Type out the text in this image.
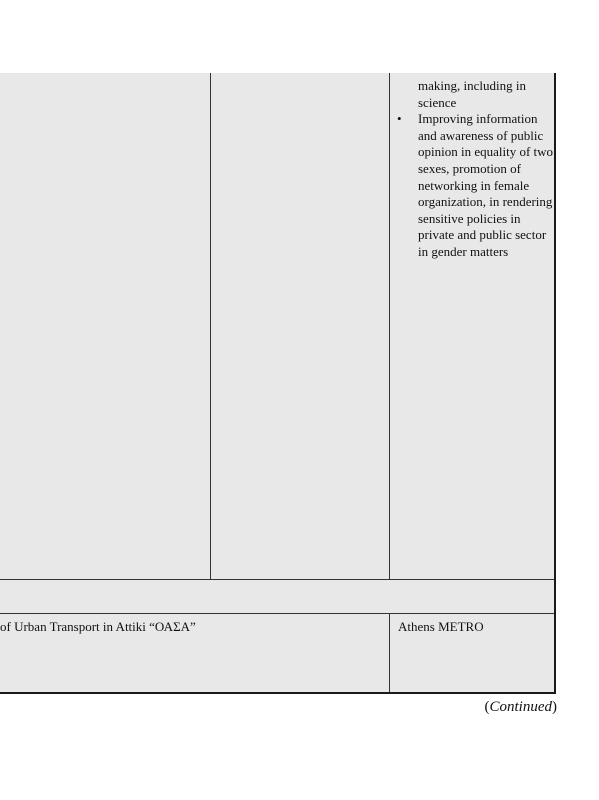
making, including in
science
• Improving information and awareness of public opinion in equality of two sexes, promotion of networking in female organization, in rendering sensitive policies in private and public sector in gender matters
of Urban Transport in Attiki “ΟΑΣΑ”	Athens METRO
(Continued)
